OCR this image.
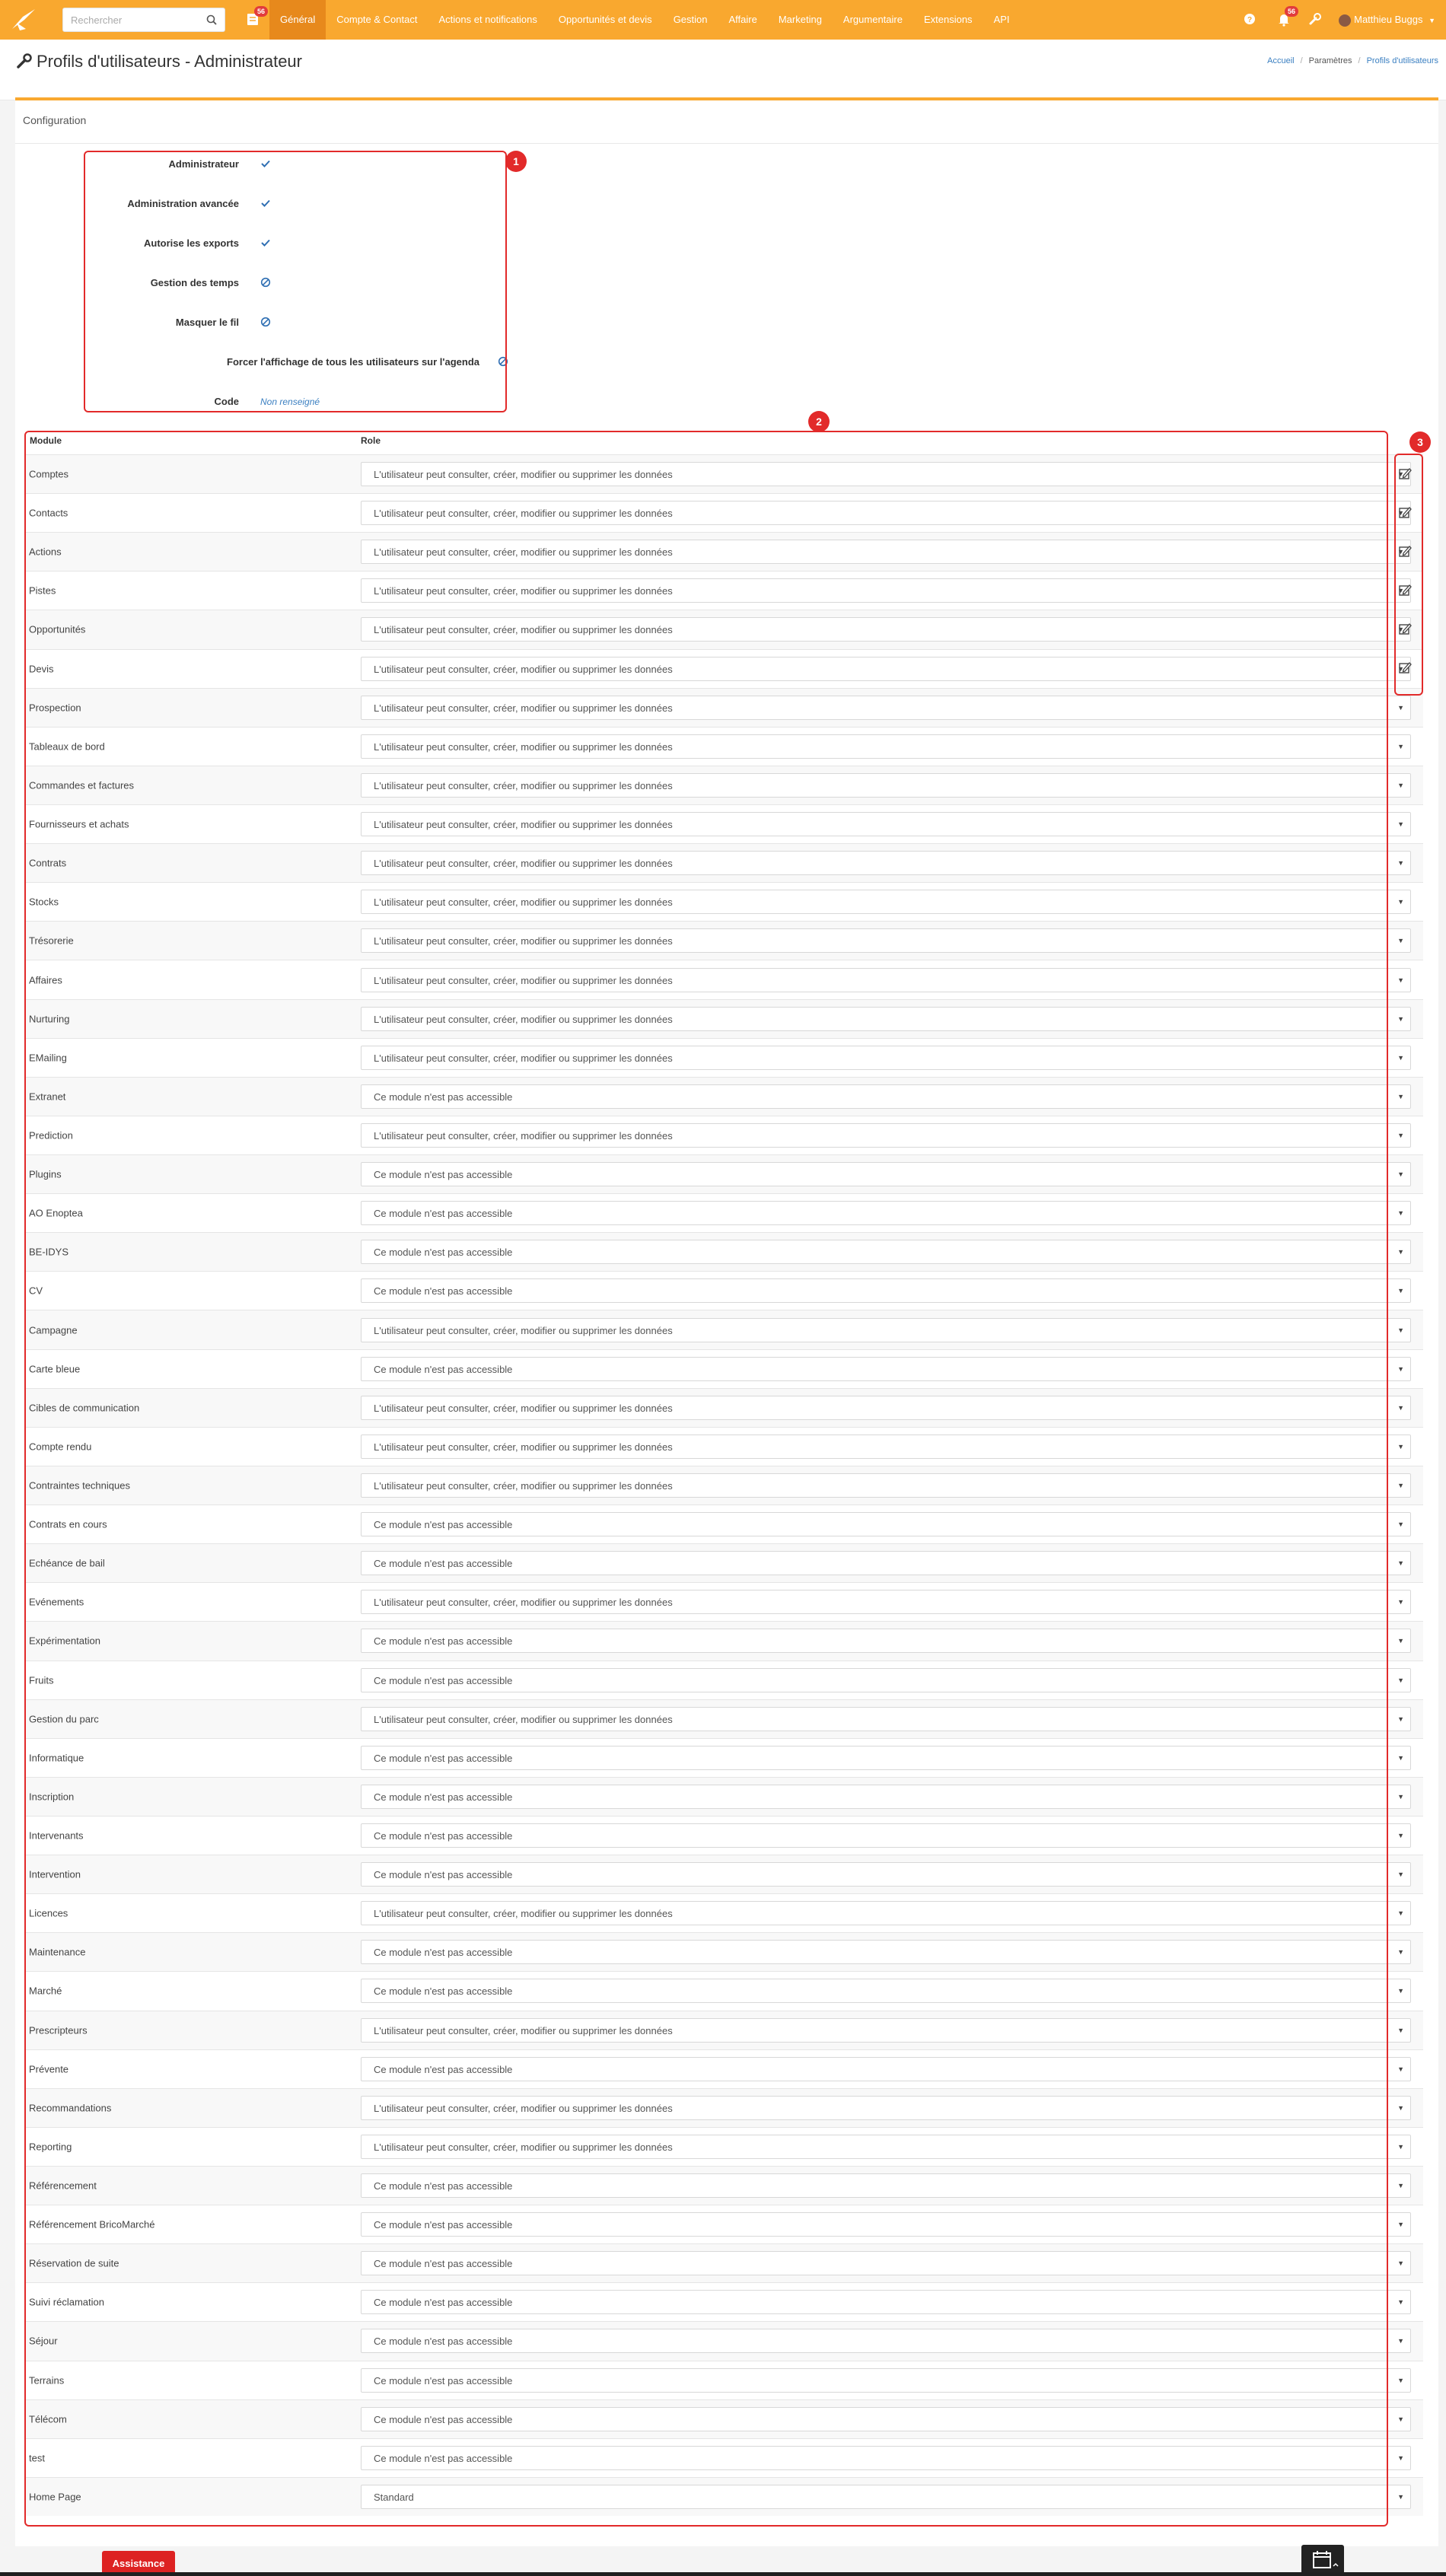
Rechercher
56
Général	Compte & Contact	Actions et notifications	Opportunités et devis	Gestion	Affaire	Marketing	Argumentaire	Extensions	API	?
56
Matthieu Buggs ▼
Profils d'utilisateurs - Administrateur	Accueil / Paramètres / Profils d'utilisateurs
Configuration
Administrateur
Administration avancée
Autorise les exports
Gestion des temps
Masquer le fil
Forcer l'affichage de tous les utilisateurs sur l'agenda
Code Non renseigné
Module	Role
Comptes	L'utilisateur peut consulter, créer, modifier ou supprimer les données	▼
Contacts	L'utilisateur peut consulter, créer, modifier ou supprimer les données	▼
Actions	L'utilisateur peut consulter, créer, modifier ou supprimer les données	▼
Pistes	L'utilisateur peut consulter, créer, modifier ou supprimer les données	▼
Opportunités	L'utilisateur peut consulter, créer, modifier ou supprimer les données	▼
Devis	L'utilisateur peut consulter, créer, modifier ou supprimer les données	▼
Prospection	L'utilisateur peut consulter, créer, modifier ou supprimer les données	▼
Tableaux de bord	L'utilisateur peut consulter, créer, modifier ou supprimer les données	▼
Commandes et factures	L'utilisateur peut consulter, créer, modifier ou supprimer les données	▼
Fournisseurs et achats	L'utilisateur peut consulter, créer, modifier ou supprimer les données	▼
Contrats	L'utilisateur peut consulter, créer, modifier ou supprimer les données	▼
Stocks	L'utilisateur peut consulter, créer, modifier ou supprimer les données	▼
Trésorerie	L'utilisateur peut consulter, créer, modifier ou supprimer les données	▼
Affaires	L'utilisateur peut consulter, créer, modifier ou supprimer les données	▼
Nurturing	L'utilisateur peut consulter, créer, modifier ou supprimer les données	▼
EMailing	L'utilisateur peut consulter, créer, modifier ou supprimer les données	▼
Extranet	Ce module n'est pas accessible	▼
Prediction	L'utilisateur peut consulter, créer, modifier ou supprimer les données	▼
Plugins	Ce module n'est pas accessible	▼
AO Enoptea	Ce module n'est pas accessible	▼
BE-IDYS	Ce module n'est pas accessible	▼
CV	Ce module n'est pas accessible	▼
Campagne	L'utilisateur peut consulter, créer, modifier ou supprimer les données	▼
Carte bleue	Ce module n'est pas accessible	▼
Cibles de communication	L'utilisateur peut consulter, créer, modifier ou supprimer les données	▼
Compte rendu	L'utilisateur peut consulter, créer, modifier ou supprimer les données	▼
Contraintes techniques	L'utilisateur peut consulter, créer, modifier ou supprimer les données	▼
Contrats en cours	Ce module n'est pas accessible	▼
Echéance de bail	Ce module n'est pas accessible	▼
Evénements	L'utilisateur peut consulter, créer, modifier ou supprimer les données	▼
Expérimentation	Ce module n'est pas accessible	▼
Fruits	Ce module n'est pas accessible	▼
Gestion du parc	L'utilisateur peut consulter, créer, modifier ou supprimer les données	▼
Informatique	Ce module n'est pas accessible	▼
Inscription	Ce module n'est pas accessible	▼
Intervenants	Ce module n'est pas accessible	▼
Intervention	Ce module n'est pas accessible	▼
Licences	L'utilisateur peut consulter, créer, modifier ou supprimer les données	▼
Maintenance	Ce module n'est pas accessible	▼
Marché	Ce module n'est pas accessible	▼
Prescripteurs	L'utilisateur peut consulter, créer, modifier ou supprimer les données	▼
Prévente	Ce module n'est pas accessible	▼
Recommandations	L'utilisateur peut consulter, créer, modifier ou supprimer les données	▼
Reporting	L'utilisateur peut consulter, créer, modifier ou supprimer les données	▼
Référencement	Ce module n'est pas accessible	▼
Référencement BricoMarché	Ce module n'est pas accessible	▼
Réservation de suite	Ce module n'est pas accessible	▼
Suivi réclamation	Ce module n'est pas accessible	▼
Séjour	Ce module n'est pas accessible	▼
Terrains	Ce module n'est pas accessible	▼
Télécom	Ce module n'est pas accessible	▼
test	Ce module n'est pas accessible	▼
Home Page	Standard	▼
1
2
3
Assistance
